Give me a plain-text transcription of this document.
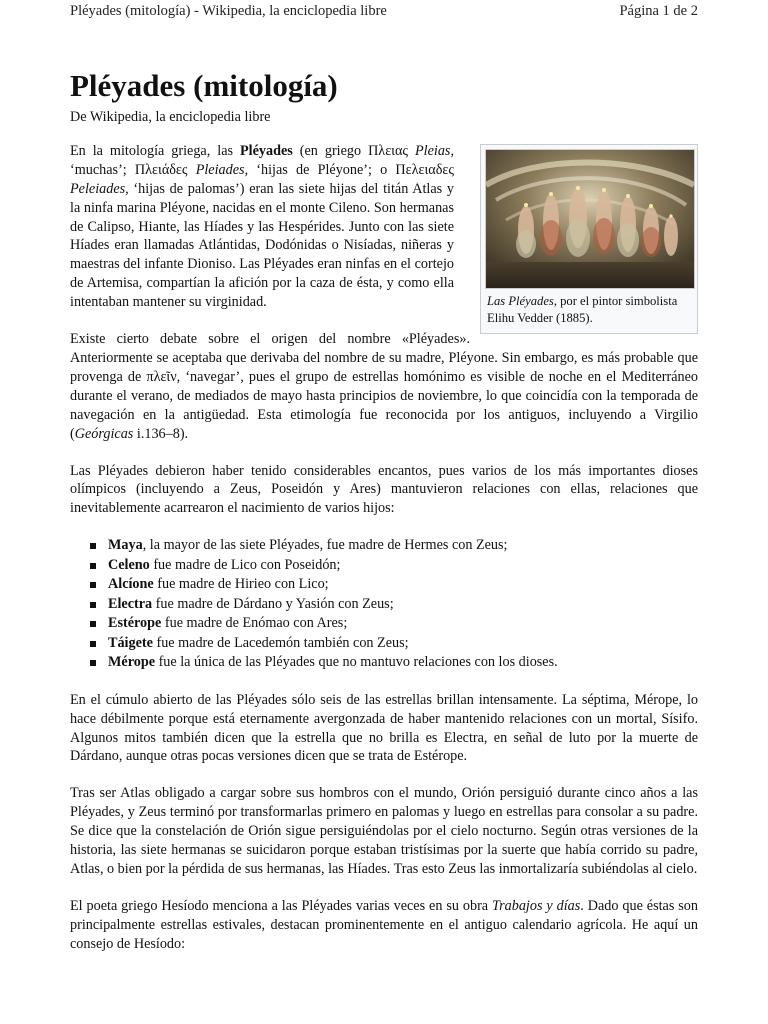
Pléyades (mitología) - Wikipedia, la enciclopedia libre	Página 1 de 2
Pléyades (mitología)
De Wikipedia, la enciclopedia libre
Las Pléyades, por el pintor simbolista Elihu Vedder (1885).

En la mitología griega, las Pléyades (en griego Πλειας Pleias, ‘muchas’; Πλειάδες Pleiades, ‘hijas de Pléyone’; o Πελειαδες Peleiades, ‘hijas de palomas’) eran las siete hijas del titán Atlas y la ninfa marina Pléyone, nacidas en el monte Cileno. Son hermanas de Calipso, Hiante, las Híades y las Hespérides. Junto con las siete Híades eran llamadas Atlántidas, Dodónidas o Nisíadas, niñeras y maestras del infante Dioniso. Las Pléyades eran ninfas en el cortejo de Artemisa, compartían la afición por la caza de ésta, y como ella intentaban mantener su virginidad.

Existe cierto debate sobre el origen del nombre «Pléyades». Anteriormente se aceptaba que derivaba del nombre de su madre, Pléyone. Sin embargo, es más probable que provenga de πλεῖν, ‘navegar’, pues el grupo de estrellas homónimo es visible de noche en el Mediterráneo durante el verano, de mediados de mayo hasta principios de noviembre, lo que coincidía con la temporada de navegación en la antigüedad. Esta etimología fue reconocida por los antiguos, incluyendo a Virgilio (Geórgicas i.136–8).

Las Pléyades debieron haber tenido considerables encantos, pues varios de los más importantes dioses olímpicos (incluyendo a Zeus, Poseidón y Ares) mantuvieron relaciones con ellas, relaciones que inevitablemente acarrearon el nacimiento de varios hijos:

Maya, la mayor de las siete Pléyades, fue madre de Hermes con Zeus;
Celeno fue madre de Lico con Poseidón;
Alcíone fue madre de Hirieo con Lico;
Electra fue madre de Dárdano y Yasión con Zeus;
Estérope fue madre de Enómao con Ares;
Táigete fue madre de Lacedemón también con Zeus;
Mérope fue la única de las Pléyades que no mantuvo relaciones con los dioses.

En el cúmulo abierto de las Pléyades sólo seis de las estrellas brillan intensamente. La séptima, Mérope, lo hace débilmente porque está eternamente avergonzada de haber mantenido relaciones con un mortal, Sísifo. Algunos mitos también dicen que la estrella que no brilla es Electra, en señal de luto por la muerte de Dárdano, aunque otras pocas versiones dicen que se trata de Estérope.

Tras ser Atlas obligado a cargar sobre sus hombros con el mundo, Orión persiguió durante cinco años a las Pléyades, y Zeus terminó por transformarlas primero en palomas y luego en estrellas para consolar a su padre. Se dice que la constelación de Orión sigue persiguiéndolas por el cielo nocturno. Según otras versiones de la historia, las siete hermanas se suicidaron porque estaban tristísimas por la suerte que había corrido su padre, Atlas, o bien por la pérdida de sus hermanas, las Híades. Tras esto Zeus las inmortalizaría subiéndolas al cielo.

El poeta griego Hesíodo menciona a las Pléyades varias veces en su obra Trabajos y días. Dado que éstas son principalmente estrellas estivales, destacan prominentemente en el antiguo calendario agrícola. He aquí un consejo de Hesíodo:
